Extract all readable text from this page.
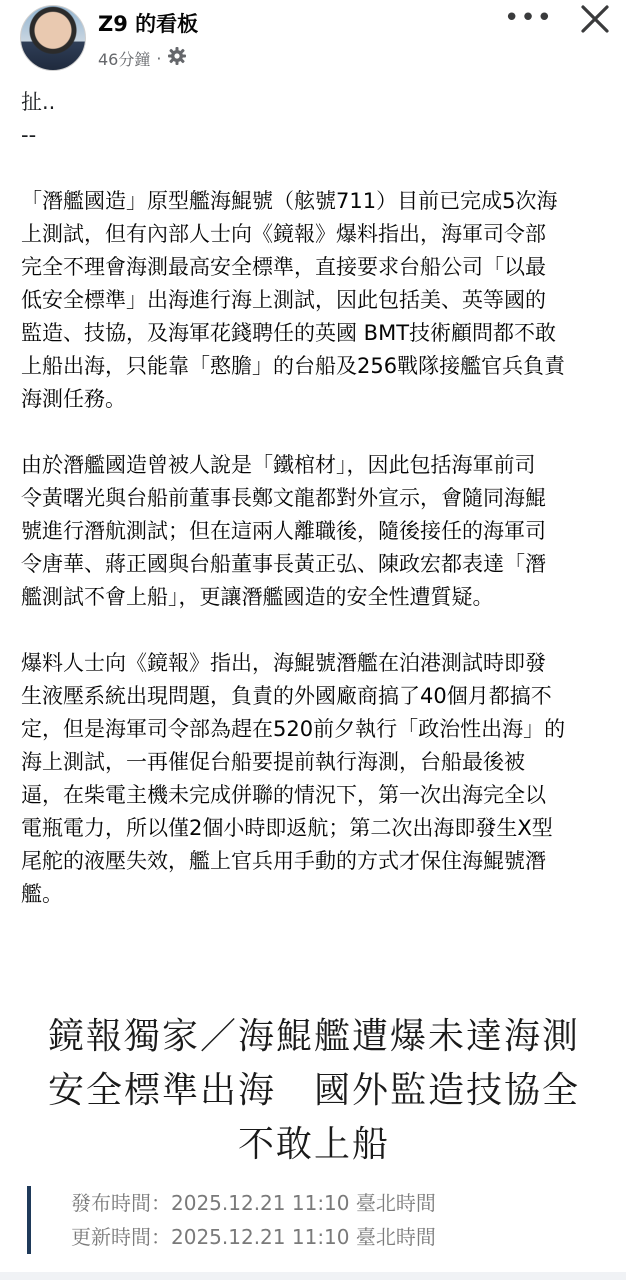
Z9 的看板
46分鐘 ·
•••
扯..
--
「潛艦國造」原型艦海鯤號（舷號711）目前已完成5次海
上測試，但有內部人士向《鏡報》爆料指出，海軍司令部
完全不理會海測最高安全標準，直接要求台船公司「以最
低安全標準」出海進行海上測試，因此包括美、英等國的
監造、技協，及海軍花錢聘任的英國 BMT技術顧問都不敢
上船出海，只能靠「憨膽」的台船及256戰隊接艦官兵負責
海測任務。
由於潛艦國造曾被人說是「鐵棺材」，因此包括海軍前司
令黃曙光與台船前董事長鄭文龍都對外宣示，會隨同海鯤
號進行潛航測試；但在這兩人離職後，隨後接任的海軍司
令唐華、蔣正國與台船董事長黃正弘、陳政宏都表達「潛
艦測試不會上船」，更讓潛艦國造的安全性遭質疑。
爆料人士向《鏡報》指出，海鯤號潛艦在泊港測試時即發
生液壓系統出現問題，負責的外國廠商搞了40個月都搞不
定，但是海軍司令部為趕在520前夕執行「政治性出海」的
海上測試，一再催促台船要提前執行海測，台船最後被
逼，在柴電主機未完成併聯的情況下，第一次出海完全以
電瓶電力，所以僅2個小時即返航；第二次出海即發生X型
尾舵的液壓失效，艦上官兵用手動的方式才保住海鯤號潛
艦。
鏡報獨家／海鯤艦遭爆未達海測
安全標準出海　國外監造技協全
不敢上船
發布時間：2025.12.21 11:10 臺北時間
更新時間：2025.12.21 11:10 臺北時間
